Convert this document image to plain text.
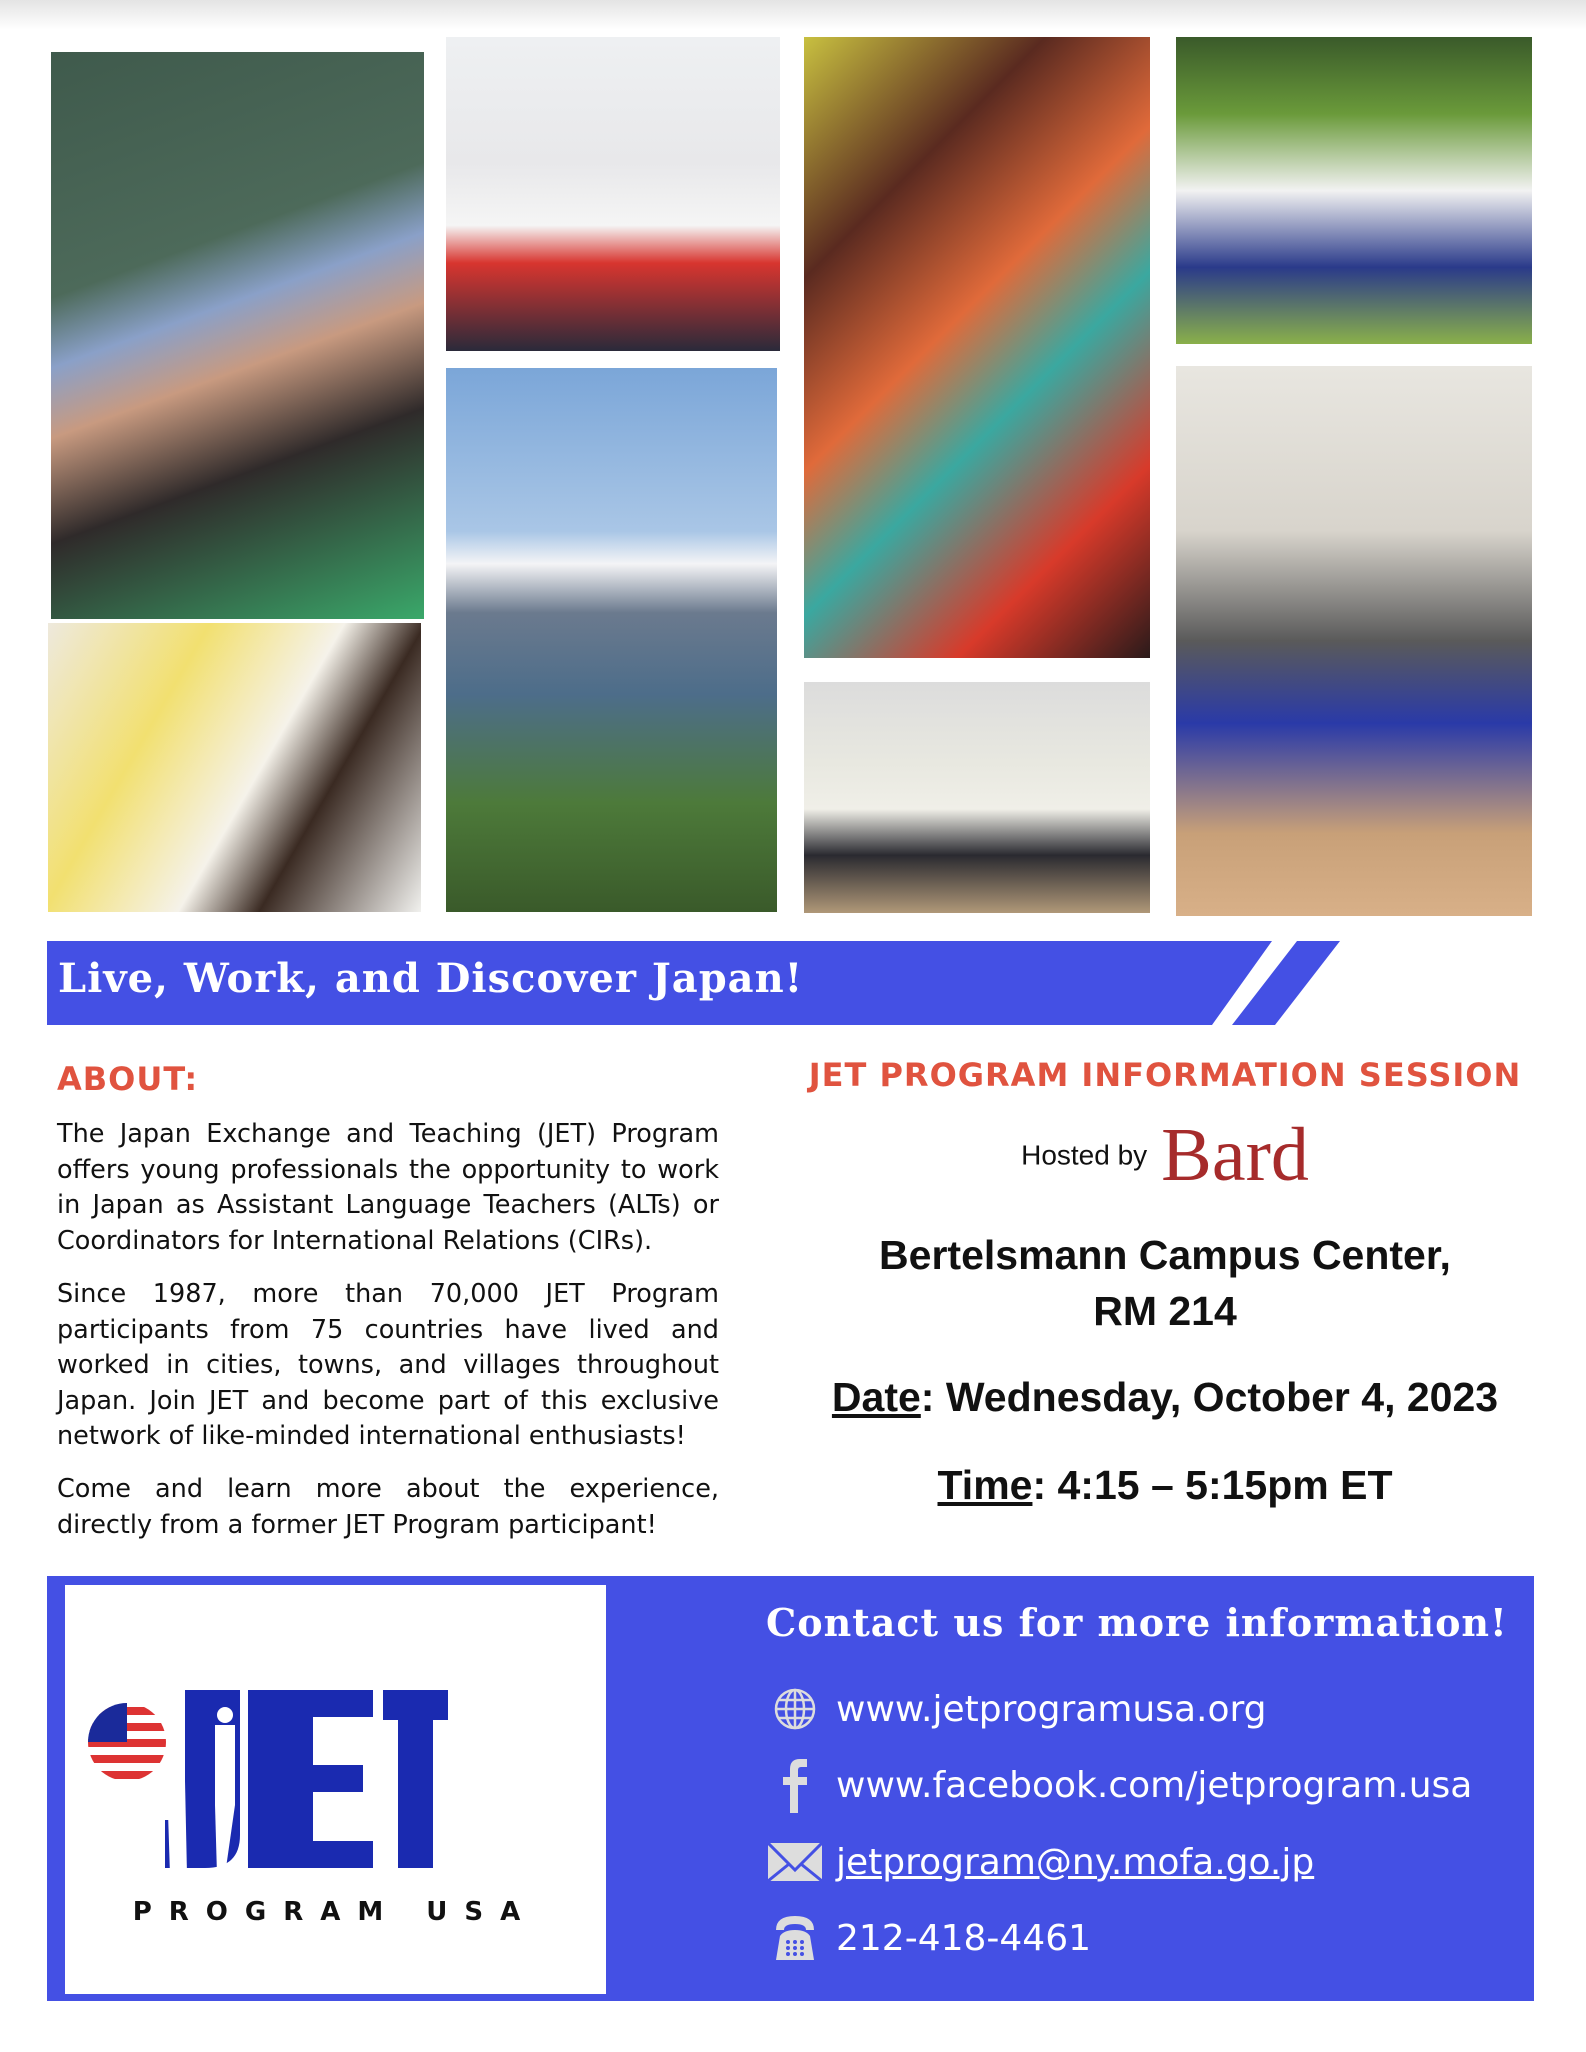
Live, Work, and Discover Japan!
ABOUT:

The Japan Exchange and Teaching (JET) Program offers young professionals the opportunity to work in Japan as Assistant Language Teachers (ALTs) or Coordinators for International Relations (CIRs).

Since 1987, more than 70,000 JET Program participants from 75 countries have lived and worked in cities, towns, and villages throughout Japan. Join JET and become part of this exclusive network of like-minded international enthusiasts!

Come and learn more about the experience, directly from a former JET Program participant!

JET PROGRAM INFORMATION SESSION
Hosted by Bard
Bertelsmann Campus Center,
RM 214
Date: Wednesday, October 4, 2023
Time: 4:15 – 5:15pm ET
PROGRAM USA
Contact us for more information!
www.jetprogramusa.org
www.facebook.com/jetprogram.usa
jetprogram@ny.mofa.go.jp
212-418-4461
